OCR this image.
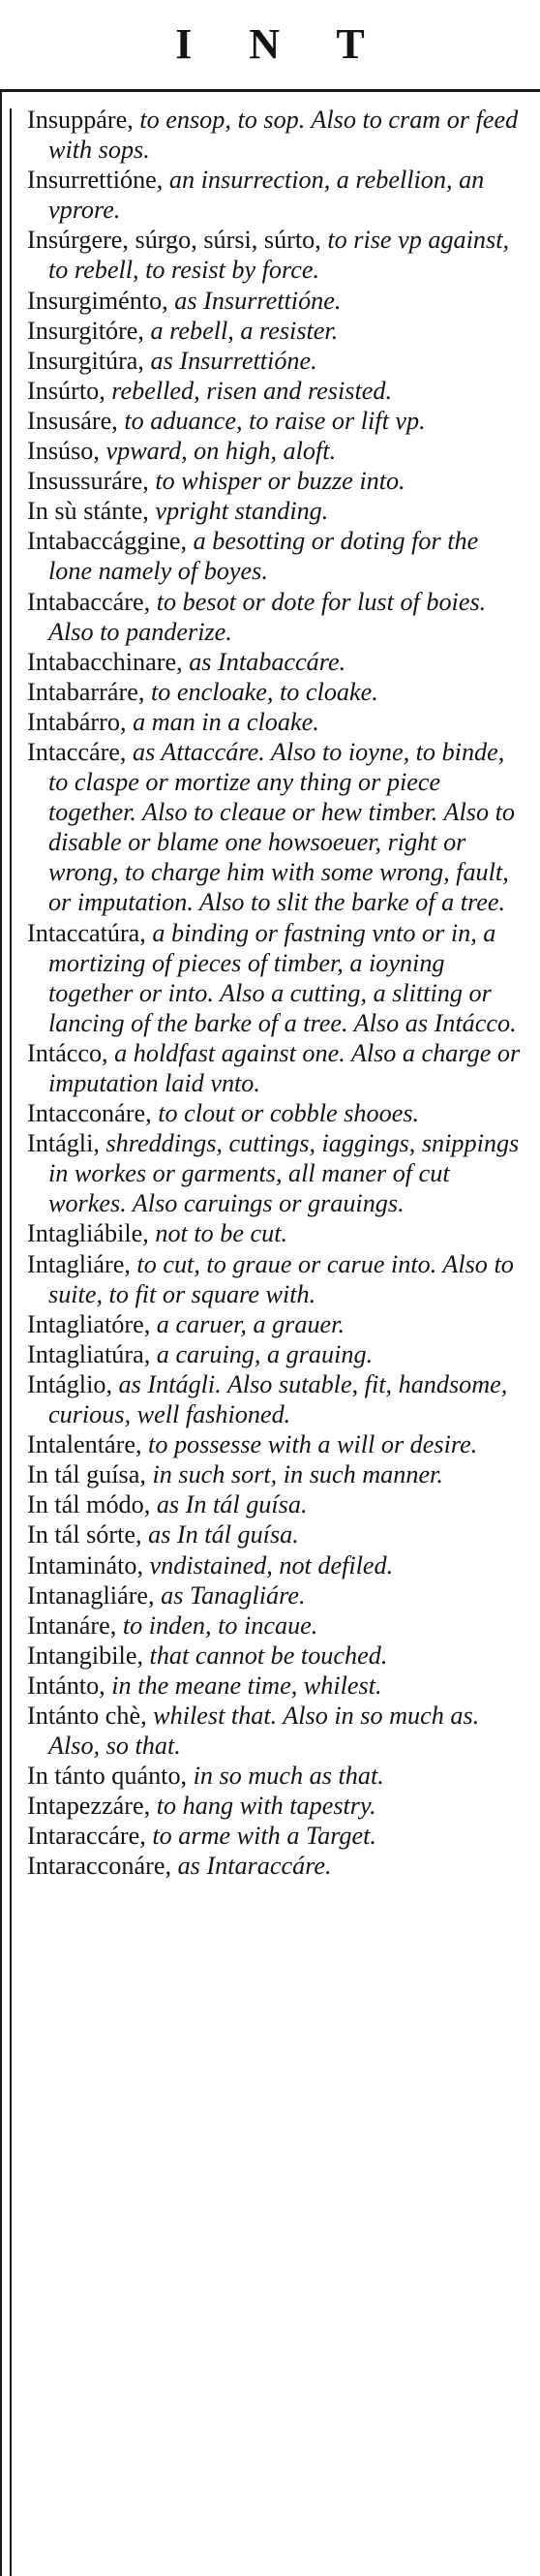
I N T

Insuppáre, to ensop, to sop. Also to cram or feed with sops.

Insurrettióne, an insurrection, a rebellion, an vprore.

Insúrgere, súrgo, súrsi, súrto, to rise vp against, to rebell, to resist by force.

Insurgiménto, as Insurrettióne.

Insurgitóre, a rebell, a resister.

Insurgitúra, as Insurrettióne.

Insúrto, rebelled, risen and resisted.

Insusáre, to aduance, to raise or lift vp.

Insúso, vpward, on high, aloft.

Insussuráre, to whisper or buzze into.

In sù stánte, vpright standing.

Intabaccággine, a besotting or doting for the lone namely of boyes.

Intabaccáre, to besot or dote for lust of boies. Also to panderize.

Intabacchinare, as Intabaccáre.

Intabarráre, to encloake, to cloake.

Intabárro, a man in a cloake.

Intaccáre, as Attaccáre. Also to ioyne, to binde, to claspe or mortize any thing or piece together. Also to cleaue or hew timber. Also to disable or blame one howsoeuer, right or wrong, to charge him with some wrong, fault, or imputation. Also to slit the barke of a tree.

Intaccatúra, a binding or fastning vnto or in, a mortizing of pieces of timber, a ioyning together or into. Also a cutting, a slitting or lancing of the barke of a tree. Also as Intácco.

Intácco, a holdfast against one. Also a charge or imputation laid vnto.

Intacconáre, to clout or cobble shooes.

Intágli, shreddings, cuttings, iaggings, snippings in workes or garments, all maner of cut workes. Also caruings or grauings.

Intagliábile, not to be cut.

Intagliáre, to cut, to graue or carue into. Also to suite, to fit or square with.

Intagliatóre, a caruer, a grauer.

Intagliatúra, a caruing, a grauing.

Intáglio, as Intágli. Also sutable, fit, handsome, curious, well fashioned.

Intalentáre, to possesse with a will or desire.

In tál guísa, in such sort, in such manner.

In tál módo, as In tál guísa.

In tál sórte, as In tál guísa.

Intamináto, vndistained, not defiled.

Intanagliáre, as Tanagliáre.

Intanáre, to inden, to incaue.

Intangibile, that cannot be touched.

Intánto, in the meane time, whilest.

Intánto chè, whilest that. Also in so much as. Also, so that.

In tánto quánto, in so much as that.

Intapezzáre, to hang with tapestry.

Intaraccáre, to arme with a Target.

Intaracconáre, as Intaraccáre.
